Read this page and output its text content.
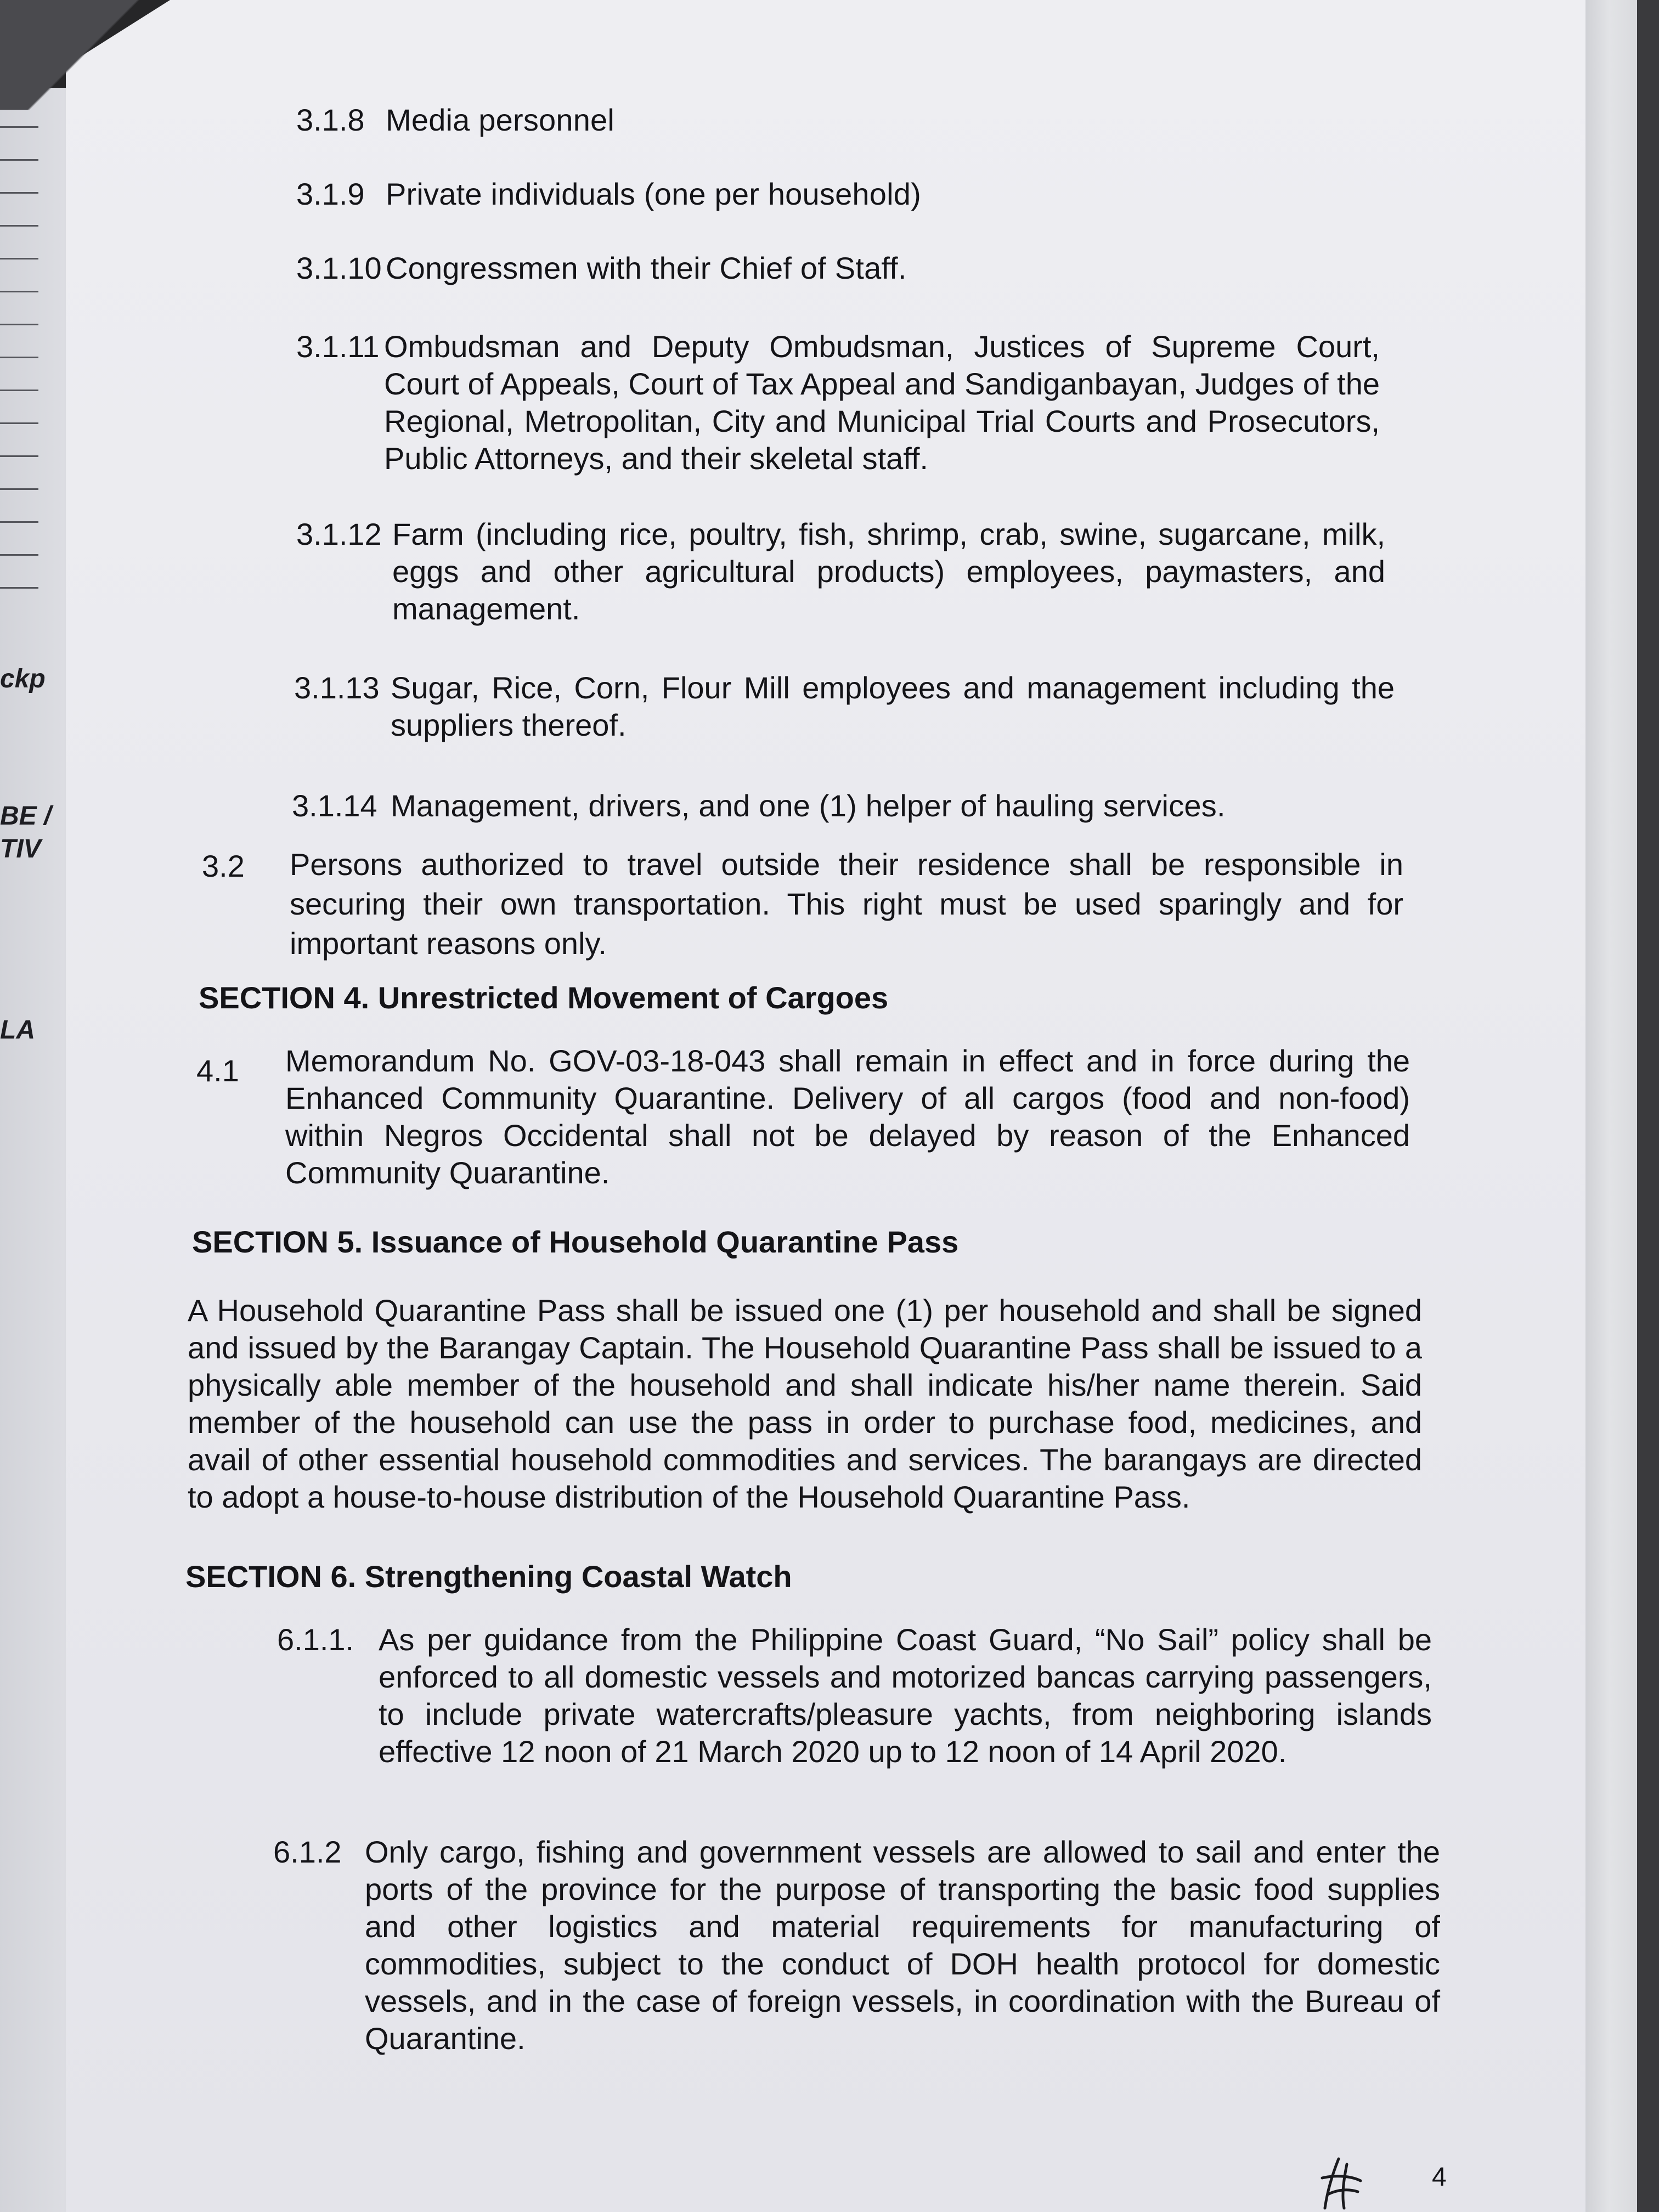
ckp
BE /
TIV
LA
3.1.8 Media personnel
3.1.9 Private individuals (one per household)
3.1.10 Congressmen with their Chief of Staff.
3.1.11 Ombudsman and Deputy Ombudsman, Justices of Supreme Court, Court of Appeals, Court of Tax Appeal and Sandiganbayan, Judges of the Regional, Metropolitan, City and Municipal Trial Courts and Prosecutors, Public Attorneys, and their skeletal staff.
3.1.12 Farm (including rice, poultry, fish, shrimp, crab, swine, sugarcane, milk, eggs and other agricultural products) employees, paymasters, and management.
3.1.13 Sugar, Rice, Corn, Flour Mill employees and management including the suppliers thereof.
3.1.14 Management, drivers, and one (1) helper of hauling services.
3.2 Persons authorized to travel outside their residence shall be responsible in securing their own transportation. This right must be used sparingly and for important reasons only.
SECTION 4. Unrestricted Movement of Cargoes
4.1 Memorandum No. GOV-03-18-043 shall remain in effect and in force during the Enhanced Community Quarantine. Delivery of all cargos (food and non-food) within Negros Occidental shall not be delayed by reason of the Enhanced Community Quarantine.
SECTION 5. Issuance of Household Quarantine Pass
A Household Quarantine Pass shall be issued one (1) per household and shall be signed and issued by the Barangay Captain. The Household Quarantine Pass shall be issued to a physically able member of the household and shall indicate his/her name therein. Said member of the household can use the pass in order to purchase food, medicines, and avail of other essential household commodities and services. The barangays are directed to adopt a house-to-house distribution of the Household Quarantine Pass.
SECTION 6. Strengthening Coastal Watch
6.1.1. As per guidance from the Philippine Coast Guard, “No Sail” policy shall be enforced to all domestic vessels and motorized bancas carrying passengers, to include private watercrafts/pleasure yachts, from neighboring islands effective 12 noon of 21 March 2020 up to 12 noon of 14 April 2020.
6.1.2 Only cargo, fishing and government vessels are allowed to sail and enter the ports of the province for the purpose of transporting the basic food supplies and other logistics and material requirements for manufacturing of commodities, subject to the conduct of DOH health protocol for domestic vessels, and in the case of foreign vessels, in coordination with the Bureau of Quarantine.
4
